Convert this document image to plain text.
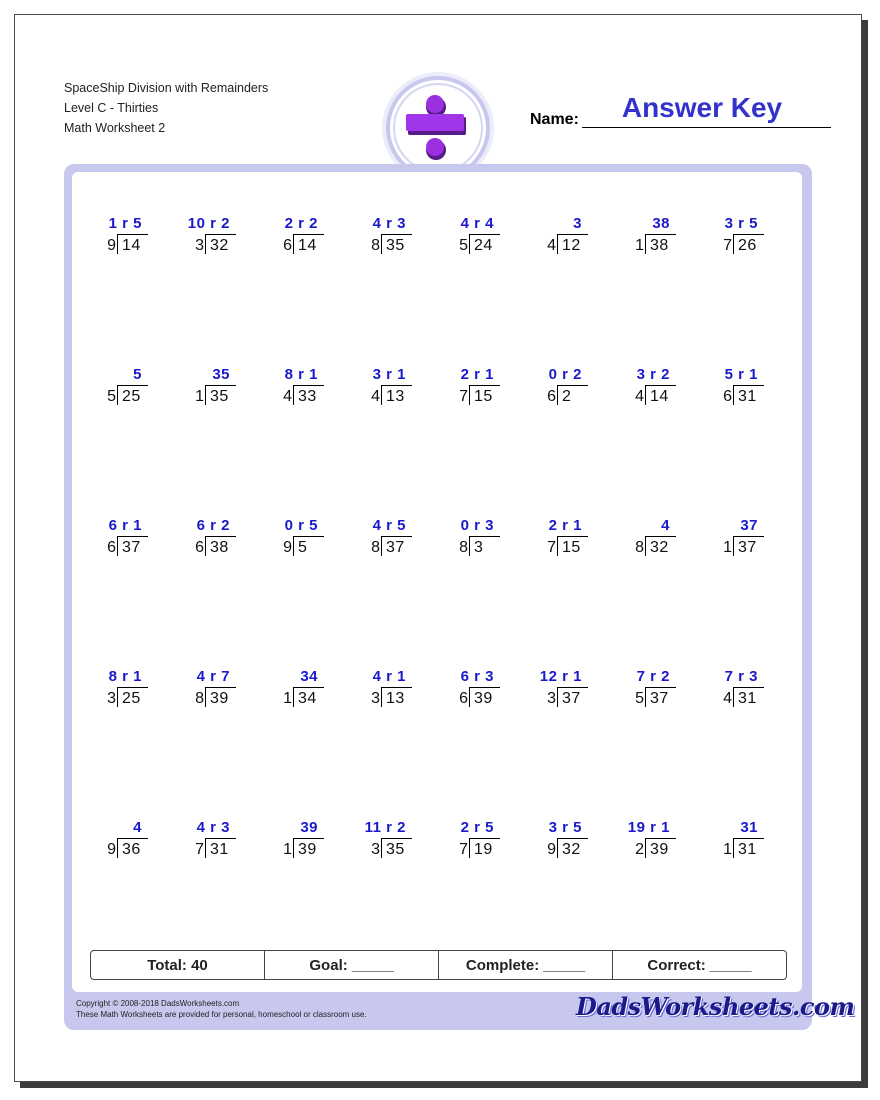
SpaceShip Division with Remainders
Level C - Thirties
Math Worksheet 2
Answer Key
Name:
1 r 5
9 14
10 r 2
3 32
2 r 2
6 14
4 r 3
8 35
4 r 4
5 24
3
4 12
38
1 38
3 r 5
7 26
5
5 25
35
1 35
8 r 1
4 33
3 r 1
4 13
2 r 1
7 15
0 r 2
6 2
3 r 2
4 14
5 r 1
6 31
6 r 1
6 37
6 r 2
6 38
0 r 5
9 5
4 r 5
8 37
0 r 3
8 3
2 r 1
7 15
4
8 32
37
1 37
8 r 1
3 25
4 r 7
8 39
34
1 34
4 r 1
3 13
6 r 3
6 39
12 r 1
3 37
7 r 2
5 37
7 r 3
4 31
4
9 36
4 r 3
7 31
39
1 39
11 r 2
3 35
2 r 5
7 19
3 r 5
9 32
19 r 1
2 39
31
1 31
Total: 40	Goal: _____	Complete: _____	Correct: _____
Copyright © 2008-2018 DadsWorksheets.com
These Math Worksheets are provided for personal, homeschool or classroom use.	DadsWorksheets.com
